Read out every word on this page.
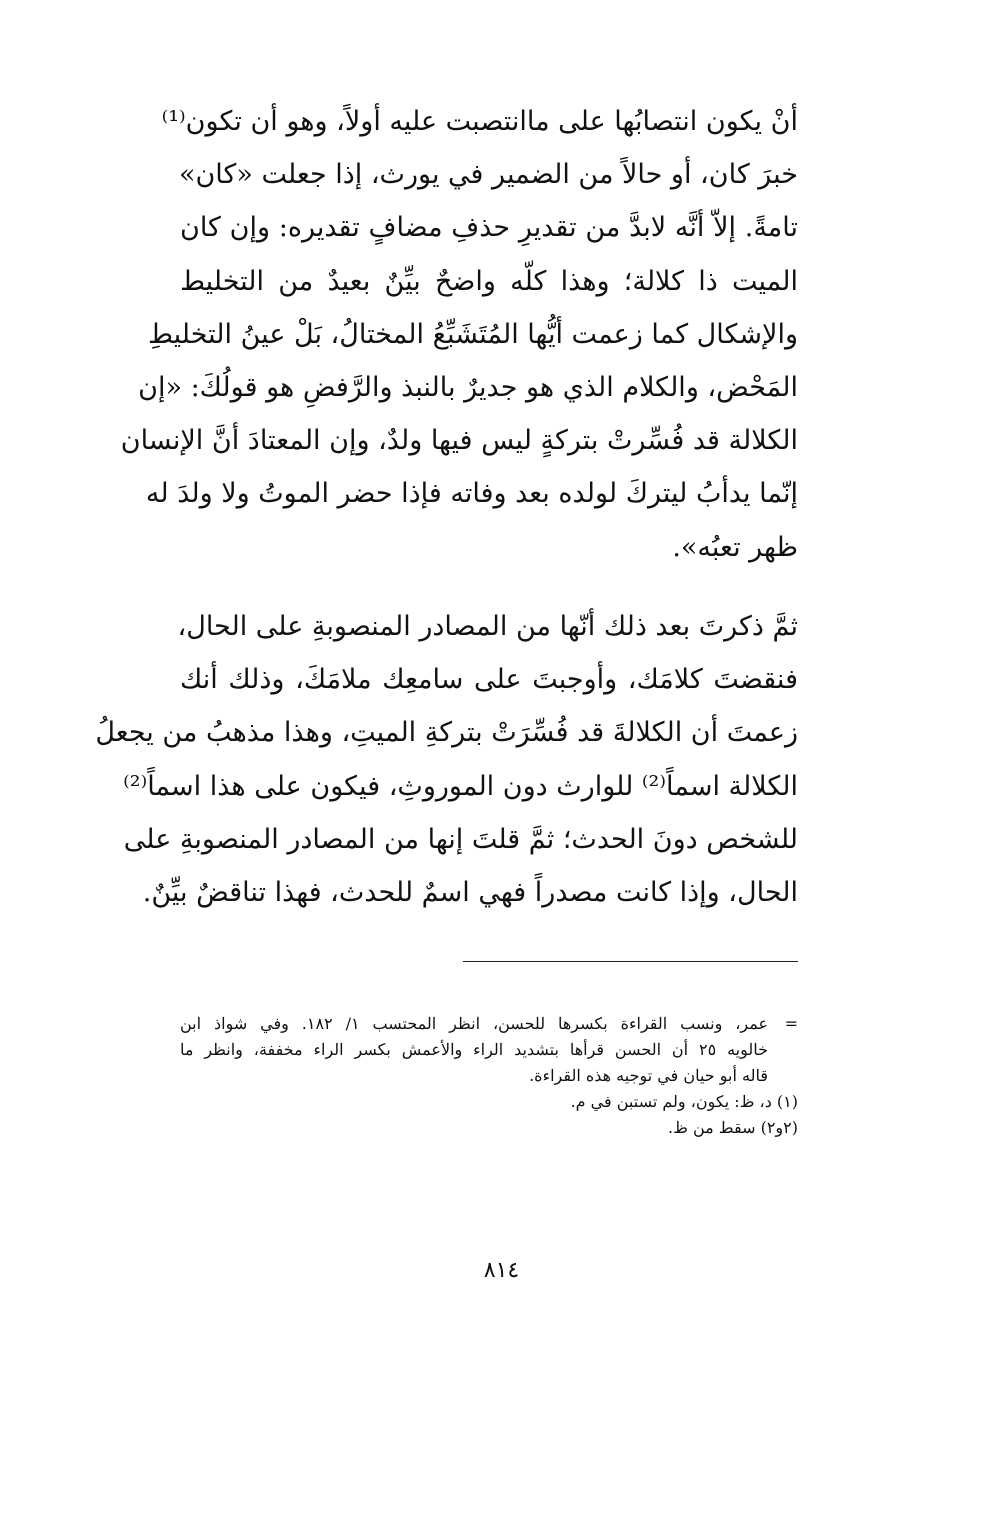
أنْ يكون انتصابُها على ماانتصبت عليه أولاً، وهو أن تكون⁽¹⁾
خبرَ كان، أو حالاً من الضمير في يورث، إذا جعلت «كان»
تامةً. إلاّ أنَّه لابدَّ من تقديرِ حذفِ مضافٍ تقديره: وإن كان
الميت ذا كلالة؛ وهذا كلّه واضحٌ بيِّنٌ بعيدٌ من التخليط
والإشكال كما زعمت أيُّها المُتَشَبِّعُ المختالُ، بَلْ عينُ التخليطِ
المَحْض، والكلام الذي هو جديرٌ بالنبذ والرَّفضِ هو قولُكَ: «إن
الكلالة قد فُسِّرتْ بتركةٍ ليس فيها ولدٌ، وإن المعتادَ أنَّ الإنسان
إنّما يدأبُ ليتركَ لولده بعد وفاته فإذا حضر الموتُ ولا ولدَ له
ظهر تعبُه».
ثمَّ ذكرتَ بعد ذلك أنّها من المصادر المنصوبةِ على الحال،
فنقضتَ كلامَك، وأوجبتَ على سامعِك ملامَكَ، وذلك أنك
زعمتَ أن الكلالةَ قد فُسِّرَتْ بتركةِ الميتِ، وهذا مذهبُ من يجعلُ
الكلالة اسماً⁽²⁾ للوارث دون الموروثِ، فيكون على هذا اسماً⁽²⁾
للشخص دونَ الحدث؛ ثمَّ قلتَ إنها من المصادر المنصوبةِ على
الحال، وإذا كانت مصدراً فهي اسمٌ للحدث، فهذا تناقضٌ بيِّنٌ.
=
عمر، ونسب القراءة بكسرها للحسن، انظر المحتسب ١/ ١٨٢. وفي شواذ ابن
خالويه ٢٥ أن الحسن قرأها بتشديد الراء والأعمش بكسر الراء مخففة، وانظر ما
قاله أبو حيان في توجيه هذه القراءة.
(١) د، ظ: يكون، ولم تستبن في م.
(٢و٢) سقط من ظ.
٨١٤
